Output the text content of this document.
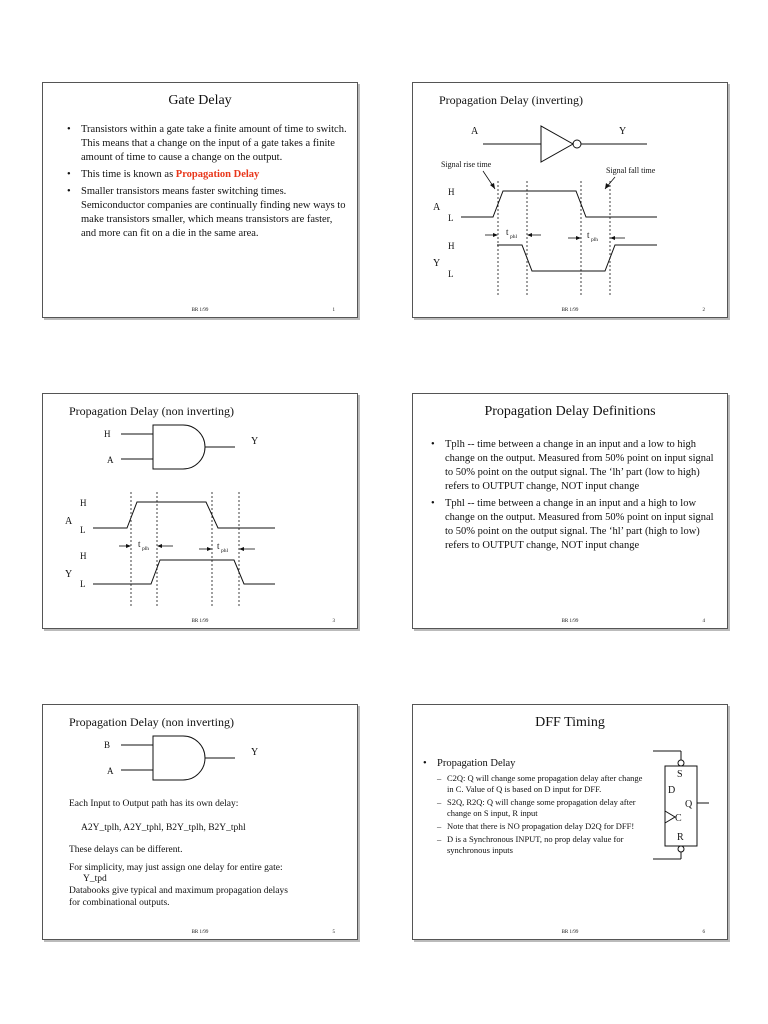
Gate Delay
• Transistors within a gate take a finite amount of time to switch. This means that a change on the input of a gate takes a finite amount of time to cause a change on the output.
• This time is known as Propagation Delay
• Smaller transistors means faster switching times. Semiconductor companies are continually finding new ways to make transistors smaller, which means transistors are faster, and more can fit on a die in the same area.
BR 1/99	1
Propagation Delay (inverting)
A	Y
Signal rise time
Signal fall time
H
A
L
H
Y
L
t phl	t plh
BR 1/99	2
Propagation Delay (non inverting)
H
A
Y
H
A
L
H
Y
L
t plh	t phl
BR 1/99	3
Propagation Delay Definitions
• Tplh -- time between a change in an input and a low to high change on the output. Measured from 50% point on input signal to 50% point on the output signal. The ‘lh’ part (low to high) refers to OUTPUT change, NOT input change
• Tphl -- time between a change in an input and a high to low change on the output. Measured from 50% point on input signal to 50% point on the output signal. The ‘hl’ part (high to low) refers to OUTPUT change, NOT input change
BR 1/99	4
Propagation Delay (non inverting)
B
A
Y
Each Input to Output path has its own delay:
A2Y_tplh, A2Y_tphl, B2Y_tplh, B2Y_tphl
These delays can be different.
For simplicity, may just assign one delay for entire gate:
Y_tpd
Databooks give typical and maximum propagation delays
for combinational outputs.
BR 1/99	5
DFF Timing
• Propagation Delay
– C2Q: Q will change some propagation delay after change in C. Value of Q is based on D input for DFF.
– S2Q, R2Q: Q will change some propagation delay after change on S input, R input
– Note that there is NO propagation delay D2Q for DFF!
– D is a Synchronous INPUT, no prop delay value for synchronous inputs
S
D
Q
C
R
BR 1/99	6
